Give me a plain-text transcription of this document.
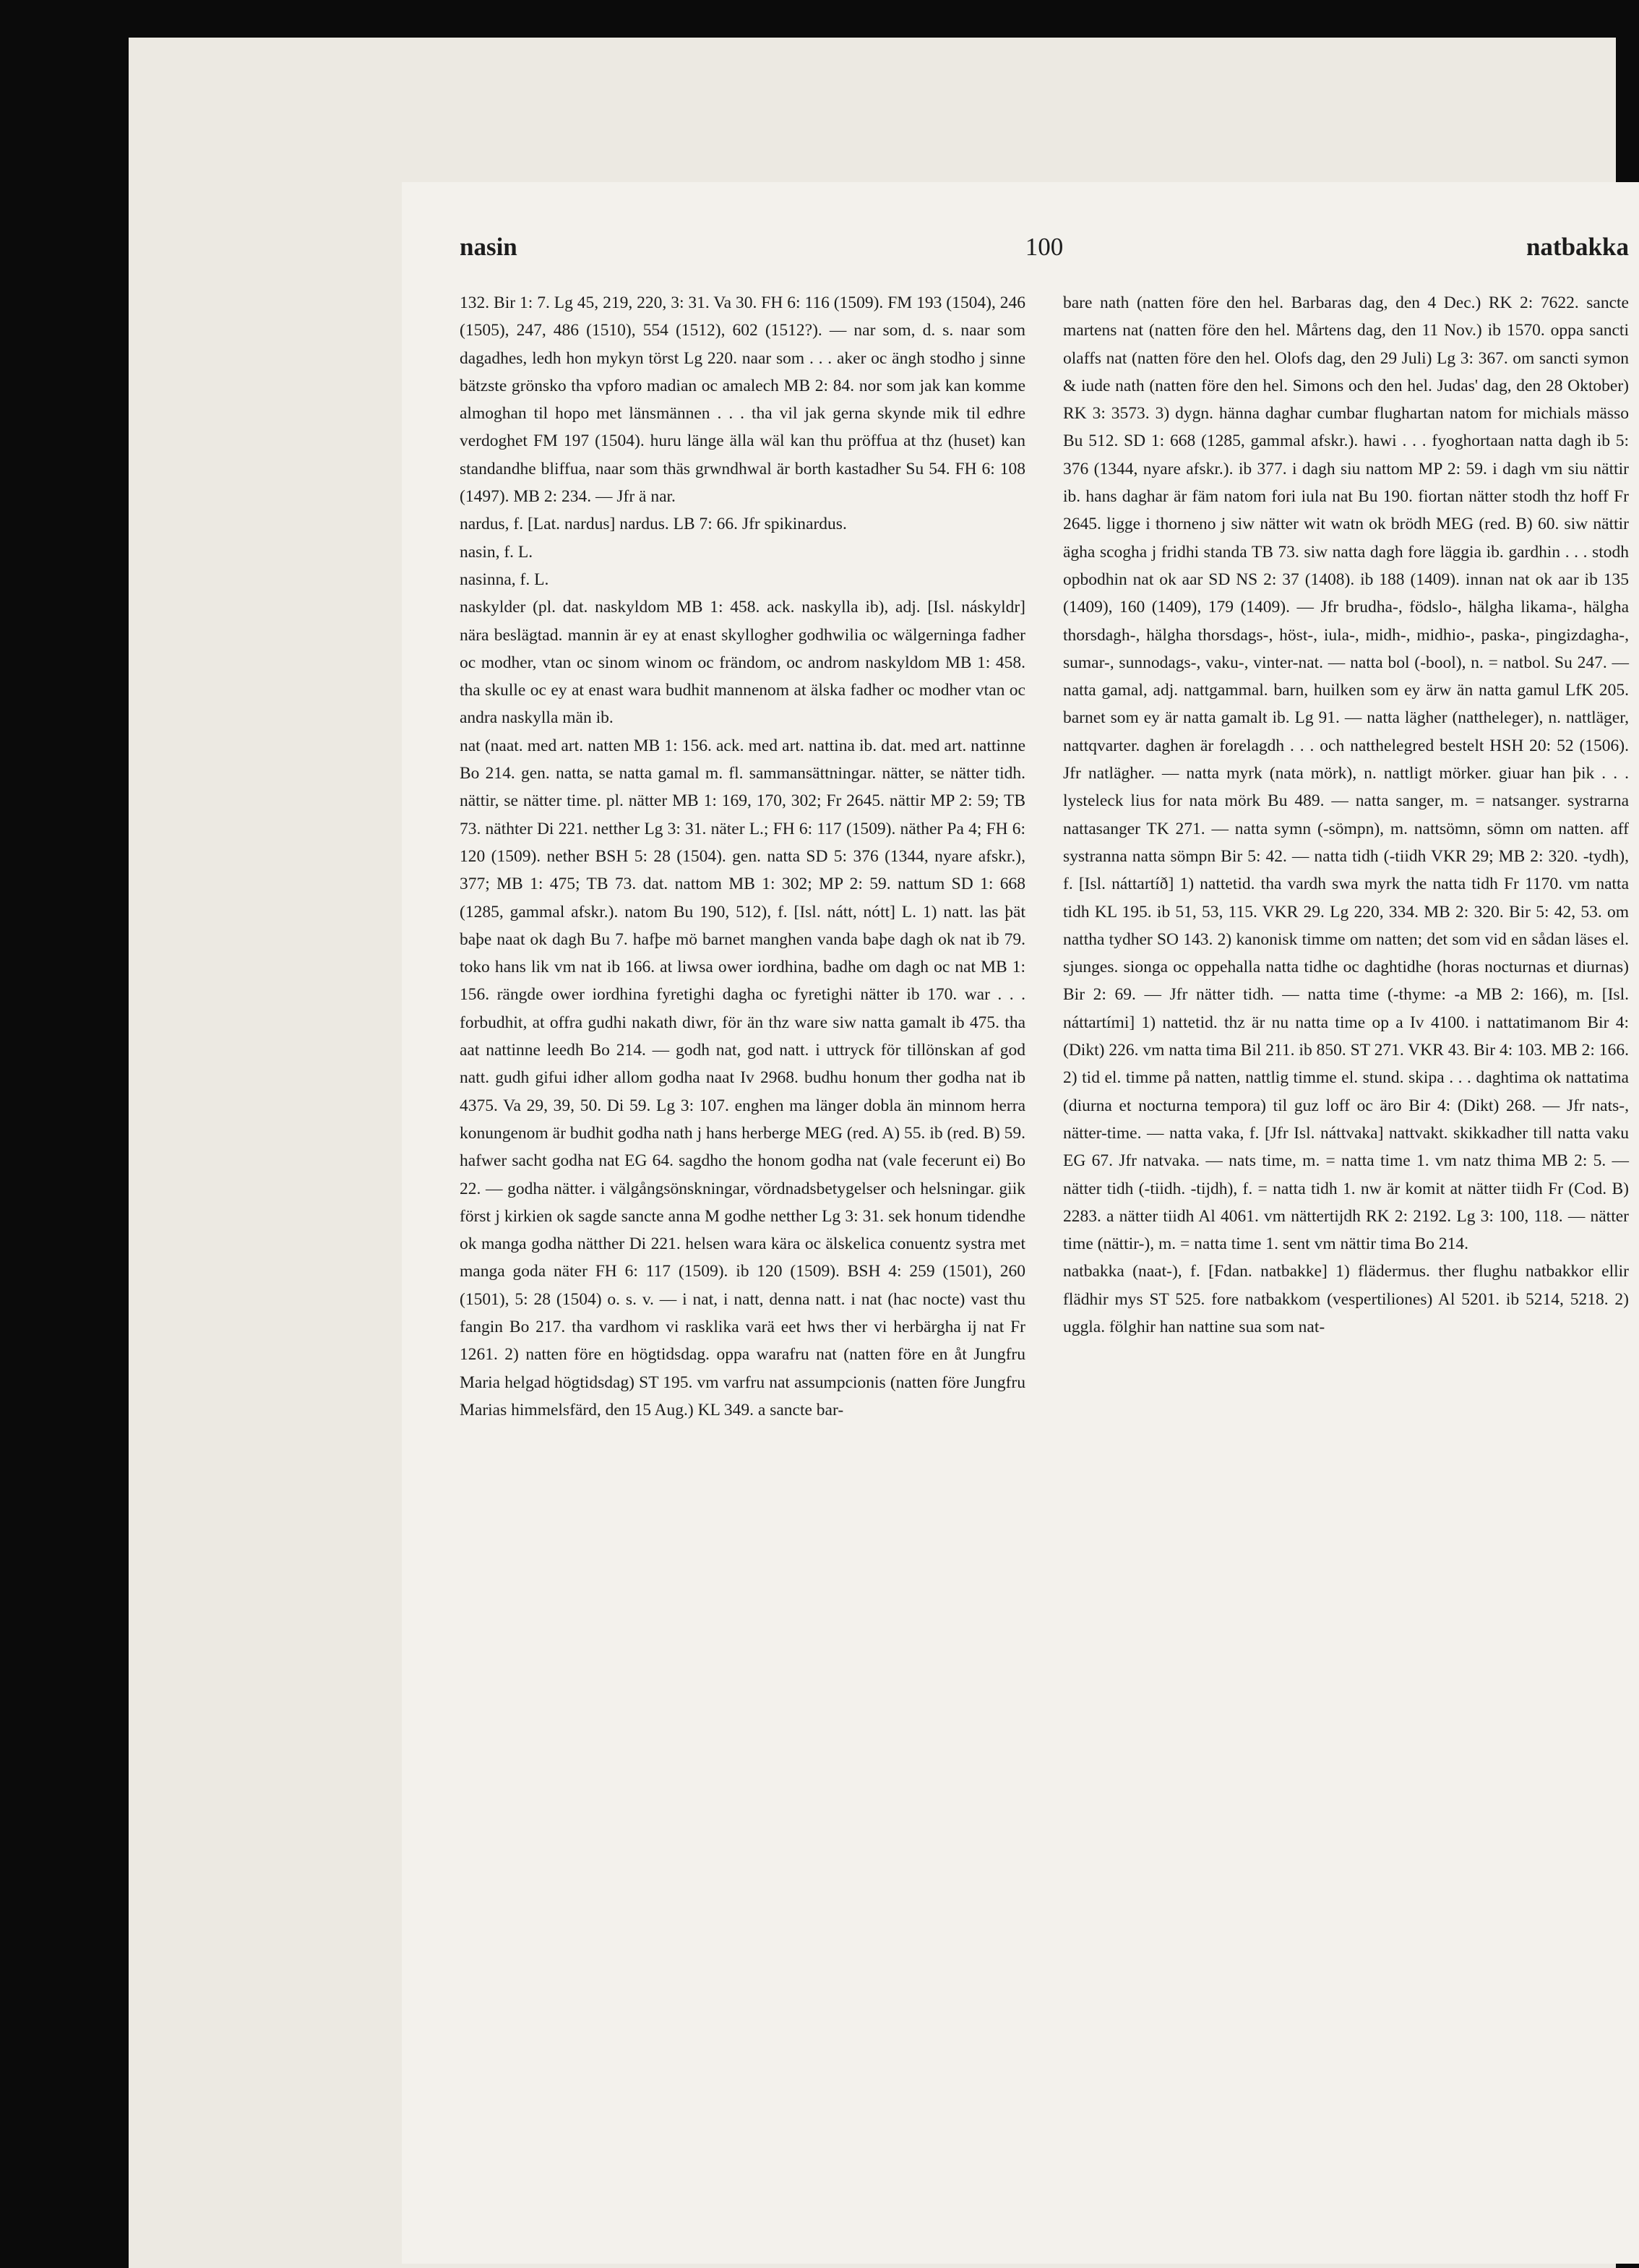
nasin	100	natbakka

132. Bir 1: 7. Lg 45, 219, 220, 3: 31. Va 30. FH 6: 116 (1509). FM 193 (1504), 246 (1505), 247, 486 (1510), 554 (1512), 602 (1512?). — nar som, d. s. naar som dagadhes, ledh hon mykyn törst Lg 220. naar som . . . aker oc ängh stodho j sinne bätzste grönsko tha vpforo madian oc amalech MB 2: 84. nor som jak kan komme almoghan til hopo met länsmännen . . . tha vil jak gerna skynde mik til edhre verdoghet FM 197 (1504). huru länge älla wäl kan thu pröffua at thz (huset) kan standandhe bliffua, naar som thäs grwndhwal är borth kastadher Su 54. FH 6: 108 (1497). MB 2: 234. — Jfr ä nar.

nardus, f. [Lat. nardus] nardus. LB 7: 66. Jfr spikinardus.

nasin, f. L.

nasinna, f. L.

naskylder (pl. dat. naskyldom MB 1: 458. ack. naskylla ib), adj. [Isl. náskyldr] nära beslägtad. mannin är ey at enast skyllogher godhwilia oc wälgerninga fadher oc modher, vtan oc sinom winom oc frändom, oc androm naskyldom MB 1: 458. tha skulle oc ey at enast wara budhit mannenom at älska fadher oc modher vtan oc andra naskylla män ib.

nat (naat. med art. natten MB 1: 156. ack. med art. nattina ib. dat. med art. nattinne Bo 214. gen. natta, se natta gamal m. fl. sammansättningar. nätter, se nätter tidh. nättir, se nätter time. pl. nätter MB 1: 169, 170, 302; Fr 2645. nättir MP 2: 59; TB 73. näthter Di 221. netther Lg 3: 31. näter L.; FH 6: 117 (1509). näther Pa 4; FH 6: 120 (1509). nether BSH 5: 28 (1504). gen. natta SD 5: 376 (1344, nyare afskr.), 377; MB 1: 475; TB 73. dat. nattom MB 1: 302; MP 2: 59. nattum SD 1: 668 (1285, gammal afskr.). natom Bu 190, 512), f. [Isl. nátt, nótt] L. 1) natt. las þät baþe naat ok dagh Bu 7. hafþe mö barnet manghen vanda baþe dagh ok nat ib 79. toko hans lik vm nat ib 166. at liwsa ower iordhina, badhe om dagh oc nat MB 1: 156. rängde ower iordhina fyretighi dagha oc fyretighi nätter ib 170. war . . . forbudhit, at offra gudhi nakath diwr, för än thz ware siw natta gamalt ib 475. tha aat nattinne leedh Bo 214. — godh nat, god natt. i uttryck för tillönskan af god natt. gudh gifui idher allom godha naat Iv 2968. budhu honum ther godha nat ib 4375. Va 29, 39, 50. Di 59. Lg 3: 107. enghen ma länger dobla än minnom herra konungenom är budhit godha nath j hans herberge MEG (red. A) 55. ib (red. B) 59. hafwer sacht godha nat EG 64. sagdho the honom godha nat (vale fecerunt ei) Bo 22. — godha nätter. i välgångsönskningar, vördnadsbetygelser och helsningar. giik först j kirkien ok sagde sancte anna M godhe netther Lg 3: 31. sek honum tidendhe ok manga godha nätther Di 221. helsen wara kära oc älskelica conuentz systra met manga goda näter FH 6: 117 (1509). ib 120 (1509). BSH 4: 259 (1501), 260 (1501), 5: 28 (1504) o. s. v. — i nat, i natt, denna natt. i nat (hac nocte) vast thu fangin Bo 217. tha vardhom vi rasklika varä eet hws ther vi herbärgha ij nat Fr 1261. 2) natten före en högtidsdag. oppa warafru nat (natten före en åt Jungfru Maria helgad högtidsdag) ST 195. vm varfru nat assumpcionis (natten före Jungfru Marias himmelsfärd, den 15 Aug.) KL 349. a sancte bar-

bare nath (natten före den hel. Barbaras dag, den 4 Dec.) RK 2: 7622. sancte martens nat (natten före den hel. Mårtens dag, den 11 Nov.) ib 1570. oppa sancti olaffs nat (natten före den hel. Olofs dag, den 29 Juli) Lg 3: 367. om sancti symon & iude nath (natten före den hel. Simons och den hel. Judas' dag, den 28 Oktober) RK 3: 3573. 3) dygn. hänna daghar cumbar flughartan natom for michials mässo Bu 512. SD 1: 668 (1285, gammal afskr.). hawi . . . fyoghortaan natta dagh ib 5: 376 (1344, nyare afskr.). ib 377. i dagh siu nattom MP 2: 59. i dagh vm siu nättir ib. hans daghar är fäm natom fori iula nat Bu 190. fiortan nätter stodh thz hoff Fr 2645. ligge i thorneno j siw nätter wit watn ok brödh MEG (red. B) 60. siw nättir ägha scogha j fridhi standa TB 73. siw natta dagh fore läggia ib. gardhin . . . stodh opbodhin nat ok aar SD NS 2: 37 (1408). ib 188 (1409). innan nat ok aar ib 135 (1409), 160 (1409), 179 (1409). — Jfr brudha-, födslo-, hälgha likama-, hälgha thorsdagh-, hälgha thorsdags-, höst-, iula-, midh-, midhio-, paska-, pingizdagha-, sumar-, sunnodags-, vaku-, vinter-nat. — natta bol (-bool), n. = natbol. Su 247. — natta gamal, adj. nattgammal. barn, huilken som ey ärw än natta gamul LfK 205. barnet som ey är natta gamalt ib. Lg 91. — natta lägher (nattheleger), n. nattläger, nattqvarter. daghen är forelagdh . . . och natthelegred bestelt HSH 20: 52 (1506). Jfr natlägher. — natta myrk (nata mörk), n. nattligt mörker. giuar han þik . . . lysteleck lius for nata mörk Bu 489. — natta sanger, m. = natsanger. systrarna nattasanger TK 271. — natta symn (-sömpn), m. nattsömn, sömn om natten. aff systranna natta sömpn Bir 5: 42. — natta tidh (-tiidh VKR 29; MB 2: 320. -tydh), f. [Isl. náttartíð] 1) nattetid. tha vardh swa myrk the natta tidh Fr 1170. vm natta tidh KL 195. ib 51, 53, 115. VKR 29. Lg 220, 334. MB 2: 320. Bir 5: 42, 53. om nattha tydher SO 143. 2) kanonisk timme om natten; det som vid en sådan läses el. sjunges. sionga oc oppehalla natta tidhe oc daghtidhe (horas nocturnas et diurnas) Bir 2: 69. — Jfr nätter tidh. — natta time (-thyme: -a MB 2: 166), m. [Isl. náttartími] 1) nattetid. thz är nu natta time op a Iv 4100. i nattatimanom Bir 4: (Dikt) 226. vm natta tima Bil 211. ib 850. ST 271. VKR 43. Bir 4: 103. MB 2: 166. 2) tid el. timme på natten, nattlig timme el. stund. skipa . . . daghtima ok nattatima (diurna et nocturna tempora) til guz loff oc äro Bir 4: (Dikt) 268. — Jfr nats-, nätter-time. — natta vaka, f. [Jfr Isl. náttvaka] nattvakt. skikkadher till natta vaku EG 67. Jfr natvaka. — nats time, m. = natta time 1. vm natz thima MB 2: 5. — nätter tidh (-tiidh. -tijdh), f. = natta tidh 1. nw är komit at nätter tiidh Fr (Cod. B) 2283. a nätter tiidh Al 4061. vm nättertijdh RK 2: 2192. Lg 3: 100, 118. — nätter time (nättir-), m. = natta time 1. sent vm nättir tima Bo 214.

natbakka (naat-), f. [Fdan. natbakke] 1) flädermus. ther flughu natbakkor ellir flädhir mys ST 525. fore natbakkom (vespertiliones) Al 5201. ib 5214, 5218. 2) uggla. fölghir han nattine sua som nat-
